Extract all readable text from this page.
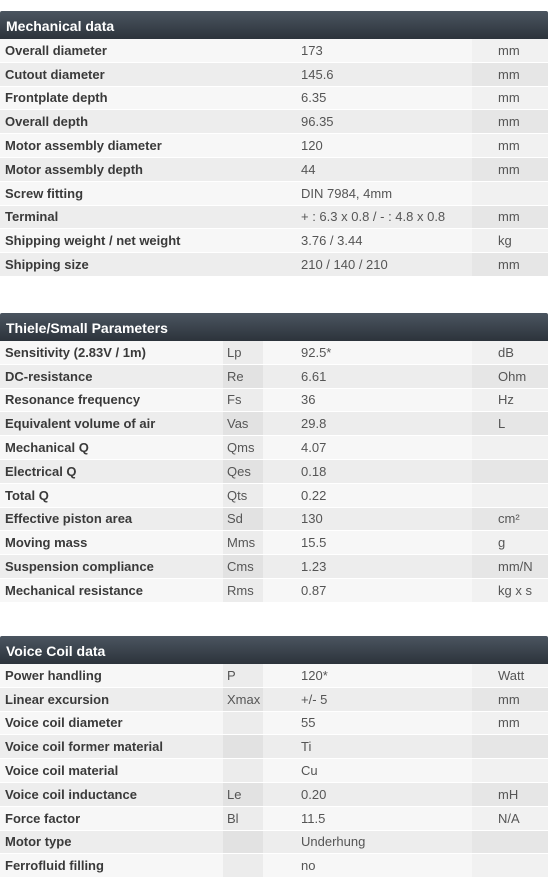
Mechanical data
Overall diameter	173	mm
Cutout diameter	145.6	mm
Frontplate depth	6.35	mm
Overall depth	96.35	mm
Motor assembly diameter	120	mm
Motor assembly depth	44	mm
Screw fitting	DIN 7984, 4mm	
Terminal	+ : 6.3 x 0.8 / - : 4.8 x 0.8	mm
Shipping weight / net weight	3.76 / 3.44	kg
Shipping size	210 / 140 / 210	mm
Thiele/Small Parameters
Sensitivity (2.83V / 1m)	Lp	92.5*	dB
DC-resistance	Re	6.61	Ohm
Resonance frequency	Fs	36	Hz
Equivalent volume of air	Vas	29.8	L
Mechanical Q	Qms	4.07	
Electrical Q	Qes	0.18	
Total Q	Qts	0.22	
Effective piston area	Sd	130	cm²
Moving mass	Mms	15.5	g
Suspension compliance	Cms	1.23	mm/N
Mechanical resistance	Rms	0.87	kg x s
Voice Coil data
Power handling	P	120*	Watt
Linear excursion	Xmax	+/- 5	mm
Voice coil diameter		55	mm
Voice coil former material		Ti	
Voice coil material		Cu	
Voice coil inductance	Le	0.20	mH
Force factor	Bl	11.5	N/A
Motor type		Underhung	
Ferrofluid filling		no	
